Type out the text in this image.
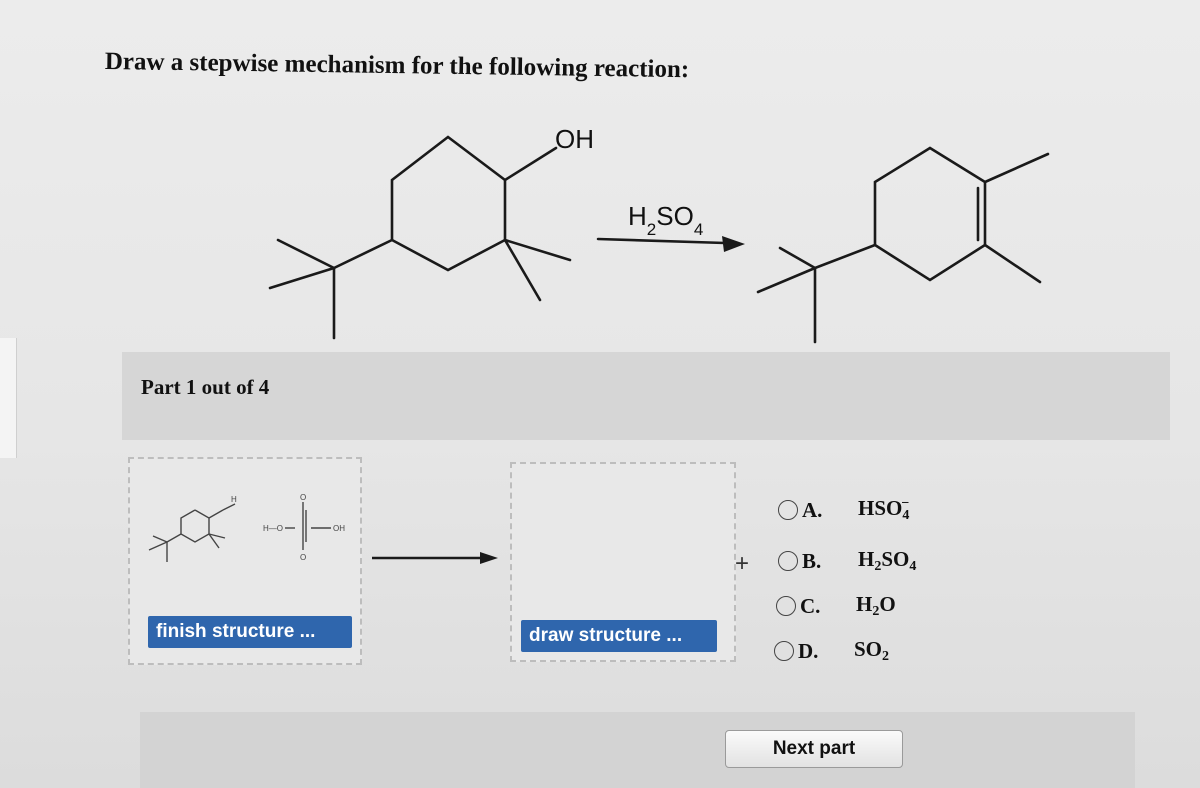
Draw a stepwise mechanism for the following reaction:
OH
$H_2SO_4$
Part 1 out of 4
H
H—O	OH
O
O
finish structure ...	draw structure ...
+
A.	$HSO_4^-$
B.	$H_2SO_4$
C.	$H_2O$
D.	$SO_2$
Next part
